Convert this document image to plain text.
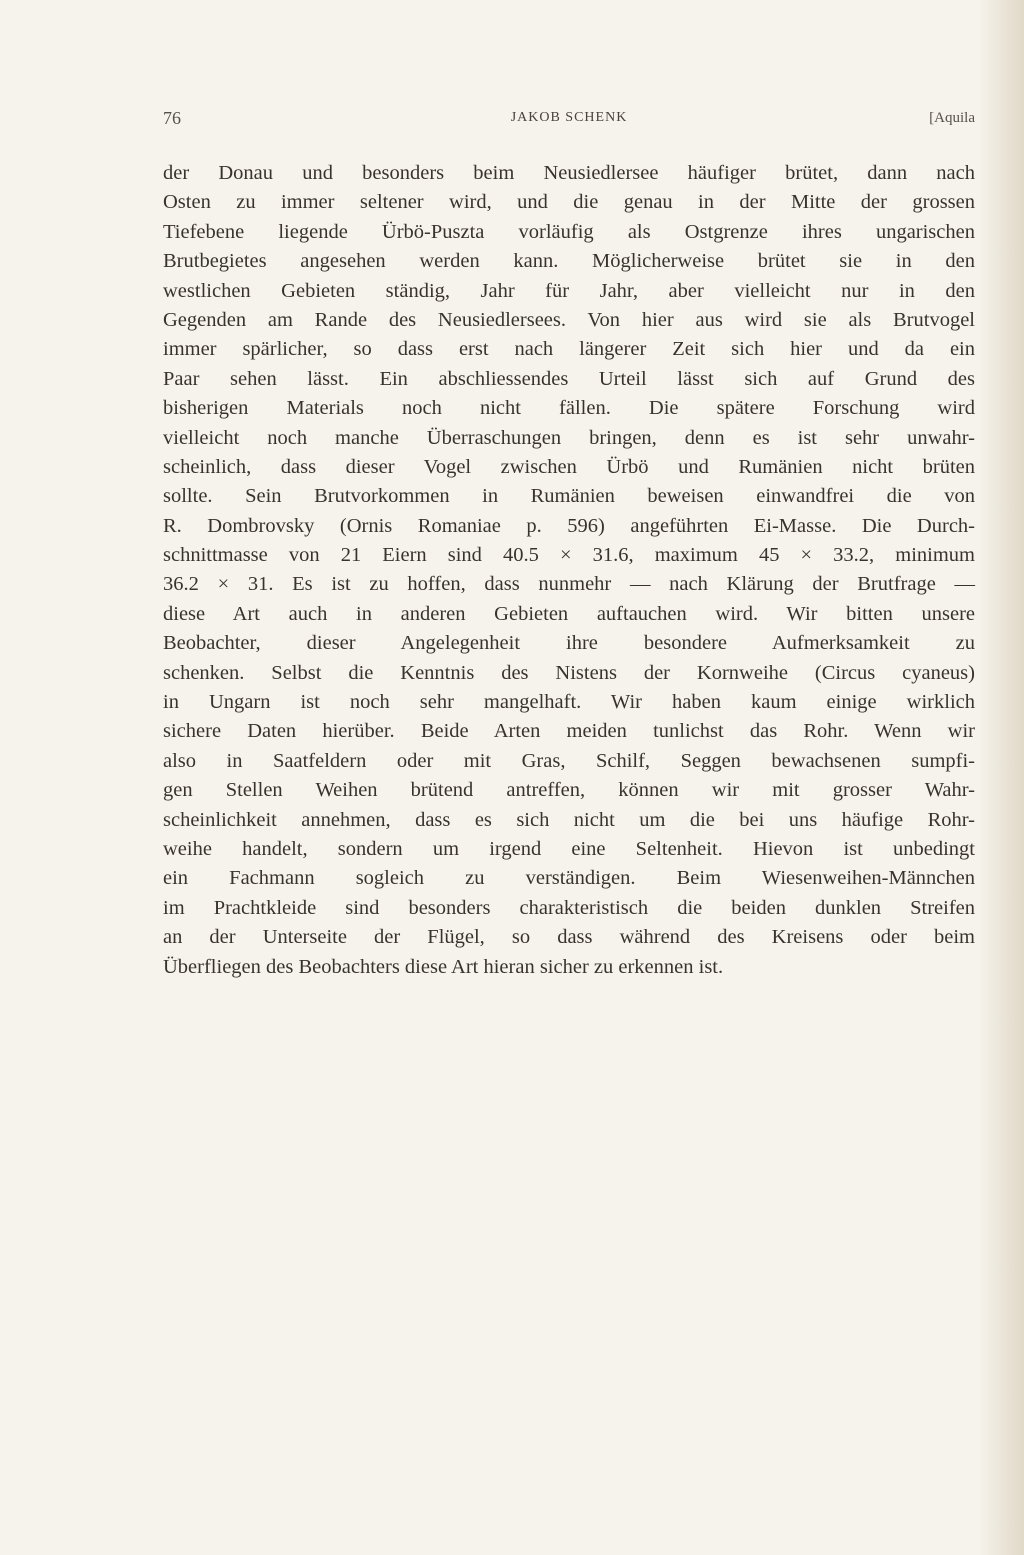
76	JAKOB SCHENK	[Aquila
der Donau und besonders beim Neusiedlersee häufiger brütet, dann nach
Osten zu immer seltener wird, und die genau in der Mitte der grossen
Tiefebene liegende Ürbö-Puszta vorläufig als Ostgrenze ihres ungarischen
Brutbegietes angesehen werden kann. Möglicherweise brütet sie in den
westlichen Gebieten ständig, Jahr für Jahr, aber vielleicht nur in den
Gegenden am Rande des Neusiedlersees. Von hier aus wird sie als Brutvogel
immer spärlicher, so dass erst nach längerer Zeit sich hier und da ein
Paar sehen lässt. Ein abschliessendes Urteil lässt sich auf Grund des
bisherigen Materials noch nicht fällen. Die spätere Forschung wird
vielleicht noch manche Überraschungen bringen, denn es ist sehr unwahr-
scheinlich, dass dieser Vogel zwischen Ürbö und Rumänien nicht brüten
sollte. Sein Brutvorkommen in Rumänien beweisen einwandfrei die von
R. Dombrovsky (Ornis Romaniae p. 596) angeführten Ei-Masse. Die Durch-
schnittmasse von 21 Eiern sind 40.5 × 31.6, maximum 45 × 33.2, minimum
36.2 × 31. Es ist zu hoffen, dass nunmehr — nach Klärung der Brutfrage —
diese Art auch in anderen Gebieten auftauchen wird. Wir bitten unsere
Beobachter, dieser Angelegenheit ihre besondere Aufmerksamkeit zu
schenken. Selbst die Kenntnis des Nistens der Kornweihe (Circus cyaneus)
in Ungarn ist noch sehr mangelhaft. Wir haben kaum einige wirklich
sichere Daten hierüber. Beide Arten meiden tunlichst das Rohr. Wenn wir
also in Saatfeldern oder mit Gras, Schilf, Seggen bewachsenen sumpfi-
gen Stellen Weihen brütend antreffen, können wir mit grosser Wahr-
scheinlichkeit annehmen, dass es sich nicht um die bei uns häufige Rohr-
weihe handelt, sondern um irgend eine Seltenheit. Hievon ist unbedingt
ein Fachmann sogleich zu verständigen. Beim Wiesenweihen-Männchen
im Prachtkleide sind besonders charakteristisch die beiden dunklen Streifen
an der Unterseite der Flügel, so dass während des Kreisens oder beim
Überfliegen des Beobachters diese Art hieran sicher zu erkennen ist.
